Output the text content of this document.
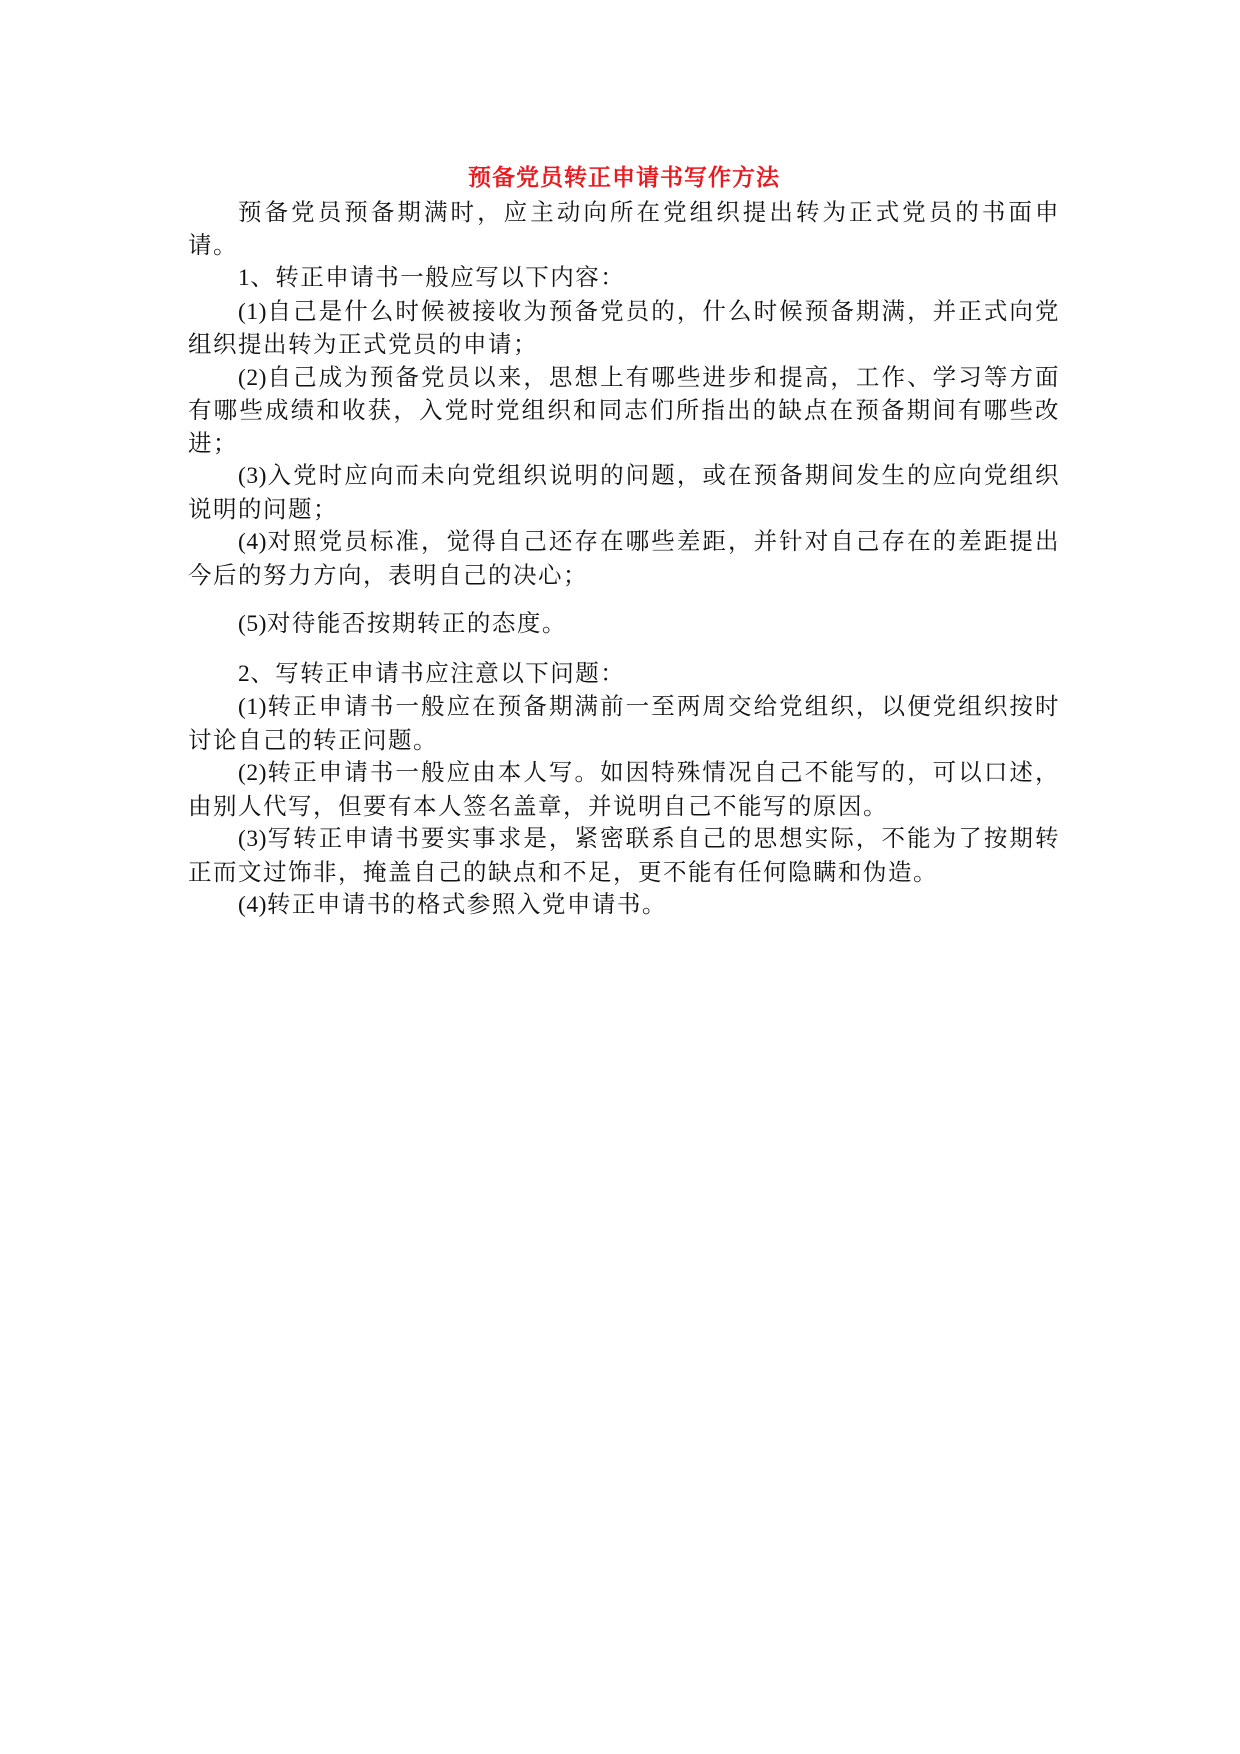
预备党员转正申请书写作方法

预备党员预备期满时，应主动向所在党组织提出转为正式党员的书面申请。

1、转正申请书一般应写以下内容：

(1)自己是什么时候被接收为预备党员的，什么时候预备期满，并正式向党组织提出转为正式党员的申请；

(2)自己成为预备党员以来，思想上有哪些进步和提高，工作、学习等方面有哪些成绩和收获，入党时党组织和同志们所指出的缺点在预备期间有哪些改进；

(3)入党时应向而未向党组织说明的问题，或在预备期间发生的应向党组织说明的问题；

(4)对照党员标准，觉得自己还存在哪些差距，并针对自己存在的差距提出今后的努力方向，表明自己的决心；

(5)对待能否按期转正的态度。

2、写转正申请书应注意以下问题：

(1)转正申请书一般应在预备期满前一至两周交给党组织，以便党组织按时讨论自己的转正问题。

(2)转正申请书一般应由本人写。如因特殊情况自己不能写的，可以口述，由别人代写，但要有本人签名盖章，并说明自己不能写的原因。

(3)写转正申请书要实事求是，紧密联系自己的思想实际，不能为了按期转正而文过饰非，掩盖自己的缺点和不足，更不能有任何隐瞒和伪造。

(4)转正申请书的格式参照入党申请书。
